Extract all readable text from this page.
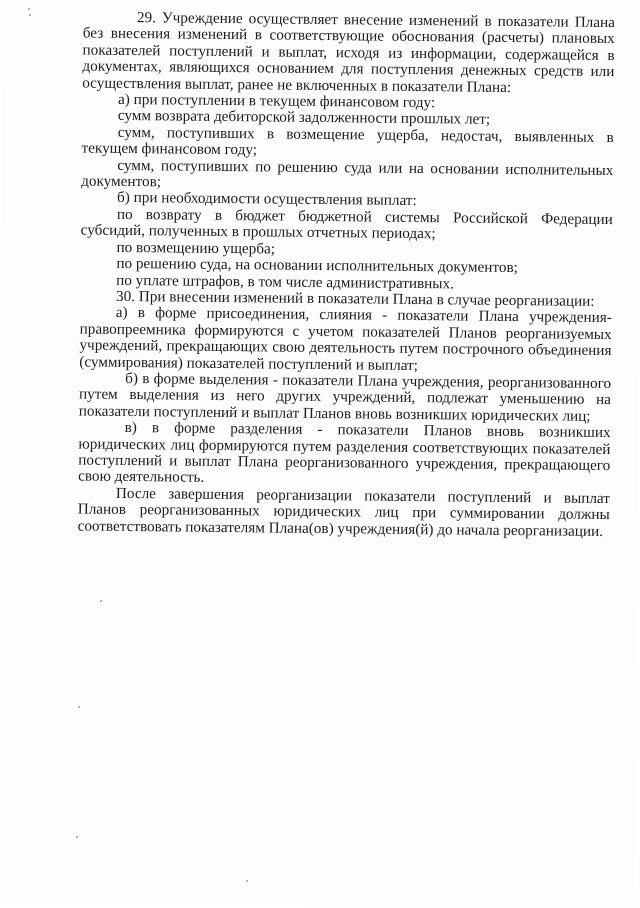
29. Учреждение осуществляет внесение изменений в показатели Плана без внесения изменений в соответствующие обоснования (расчеты) плановых показателей поступлений и выплат, исходя из информации, содержащейся в документах, являющихся основанием для поступления денежных средств или осуществления выплат, ранее не включенных в показатели Плана:

а) при поступлении в текущем финансовом году:

сумм возврата дебиторской задолженности прошлых лет;

сумм, поступивших в возмещение ущерба, недостач, выявленных в текущем финансовом году;

сумм, поступивших по решению суда или на основании исполнительных документов;

б) при необходимости осуществления выплат:

по возврату в бюджет бюджетной системы Российской Федерации субсидий, полученных в прошлых отчетных периодах;

по возмещению ущерба;

по решению суда, на основании исполнительных документов;

по уплате штрафов, в том числе административных.

30. При внесении изменений в показатели Плана в случае реорганизации:

а) в форме присоединения, слияния - показатели Плана учреждения-правопреемника формируются с учетом показателей Планов реорганизуемых учреждений, прекращающих свою деятельность путем построчного объединения (суммирования) показателей поступлений и выплат;

б) в форме выделения - показатели Плана учреждения, реорганизованного путем выделения из него других учреждений, подлежат уменьшению на показатели поступлений и выплат Планов вновь возникших юридических лиц;

в) в форме разделения - показатели Планов вновь возникших юридических лиц формируются путем разделения соответствующих показателей поступлений и выплат Плана реорганизованного учреждения, прекращающего свою деятельность.

После завершения реорганизации показатели поступлений и выплат Планов реорганизованных юридических лиц при суммировании должны соответствовать показателям Плана(ов) учреждения(й) до начала реорганизации.
